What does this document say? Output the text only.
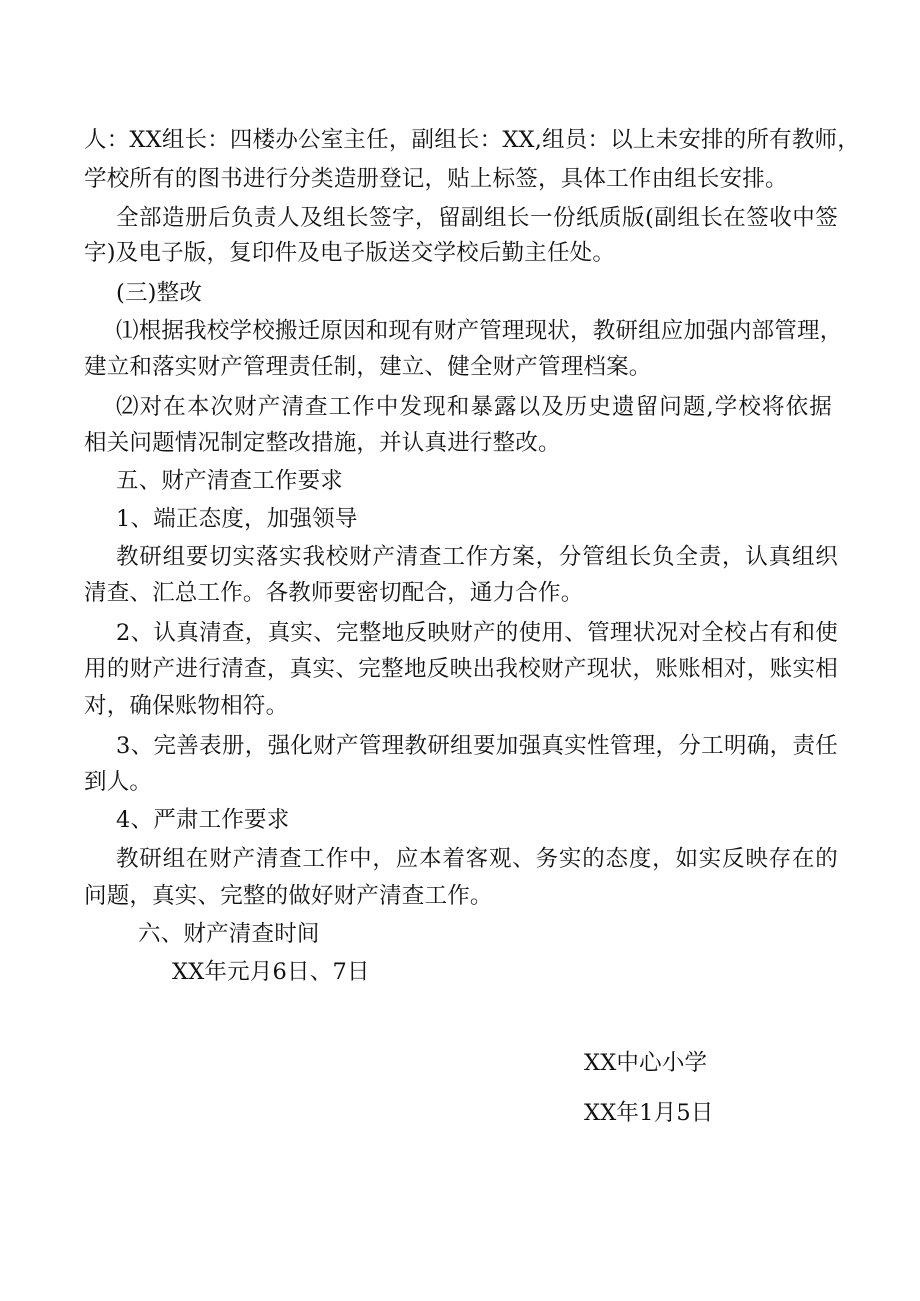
人：XX组长：四楼办公室主任，副组长：XX,组员：以上未安排的所有教师，
学校所有的图书进行分类造册登记，贴上标签，具体工作由组长安排。
全部造册后负责人及组长签字，留副组长一份纸质版(副组长在签收中签
字)及电子版，复印件及电子版送交学校后勤主任处。
(三)整改
⑴根据我校学校搬迁原因和现有财产管理现状，教研组应加强内部管理，
建立和落实财产管理责任制，建立、健全财产管理档案。
⑵对在本次财产清查工作中发现和暴露以及历史遗留问题,学校将依据
相关问题情况制定整改措施，并认真进行整改。
五、财产清查工作要求
1、端正态度，加强领导
教研组要切实落实我校财产清查工作方案，分管组长负全责，认真组织
清查、汇总工作。各教师要密切配合，通力合作。
2、认真清查，真实、完整地反映财产的使用、管理状况对全校占有和使
用的财产进行清查，真实、完整地反映出我校财产现状，账账相对，账实相
对，确保账物相符。
3、完善表册，强化财产管理教研组要加强真实性管理，分工明确，责任
到人。
4、严肃工作要求
教研组在财产清查工作中，应本着客观、务实的态度，如实反映存在的
问题，真实、完整的做好财产清查工作。
六、财产清查时间
XX年元月6日、7日
XX中心小学
XX年1月5日
